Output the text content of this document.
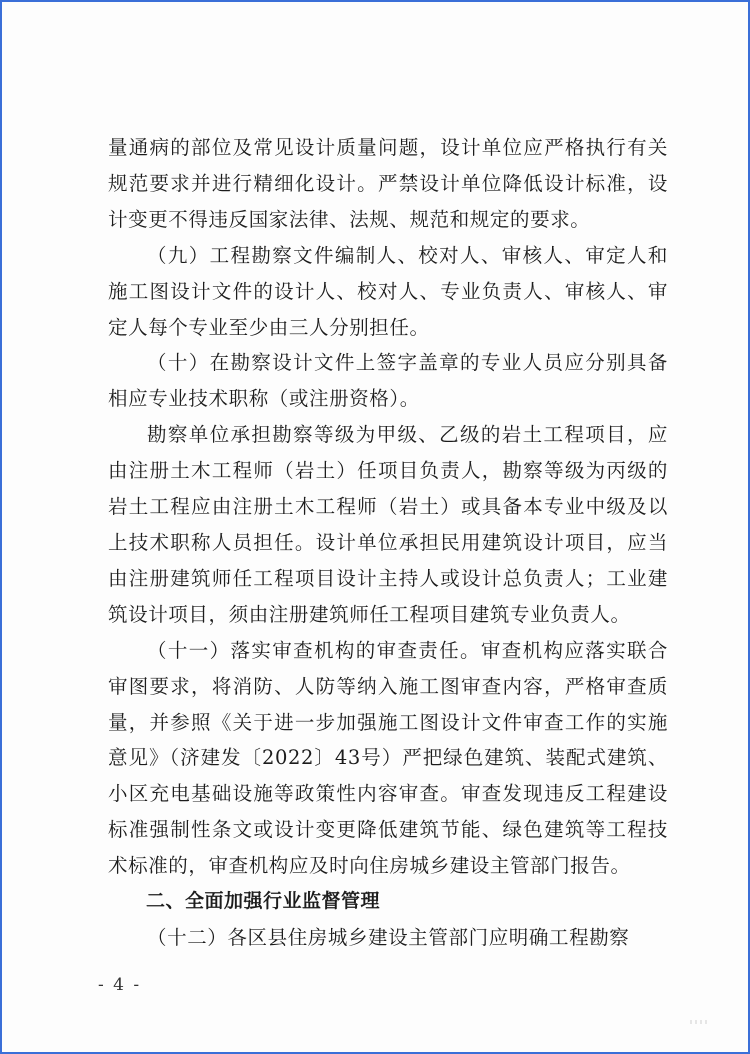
量通病的部位及常见设计质量问题，设计单位应严格执行有关规范要求并进行精细化设计。严禁设计单位降低设计标准，设计变更不得违反国家法律、法规、规范和规定的要求。

（九）工程勘察文件编制人、校对人、审核人、审定人和施工图设计文件的设计人、校对人、专业负责人、审核人、审定人每个专业至少由三人分别担任。

（十）在勘察设计文件上签字盖章的专业人员应分别具备相应专业技术职称（或注册资格）。

勘察单位承担勘察等级为甲级、乙级的岩土工程项目，应由注册土木工程师（岩土）任项目负责人，勘察等级为丙级的岩土工程应由注册土木工程师（岩土）或具备本专业中级及以上技术职称人员担任。设计单位承担民用建筑设计项目，应当由注册建筑师任工程项目设计主持人或设计总负责人；工业建筑设计项目，须由注册建筑师任工程项目建筑专业负责人。

（十一）落实审查机构的审查责任。审查机构应落实联合审图要求，将消防、人防等纳入施工图审查内容，严格审查质量，并参照《关于进一步加强施工图设计文件审查工作的实施意见》（济建发〔2022〕43号）严把绿色建筑、装配式建筑、小区充电基础设施等政策性内容审查。审查发现违反工程建设标准强制性条文或设计变更降低建筑节能、绿色建筑等工程技术标准的，审查机构应及时向住房城乡建设主管部门报告。

二、全面加强行业监督管理

（十二）各区县住房城乡建设主管部门应明确工程勘察

- 4 -
